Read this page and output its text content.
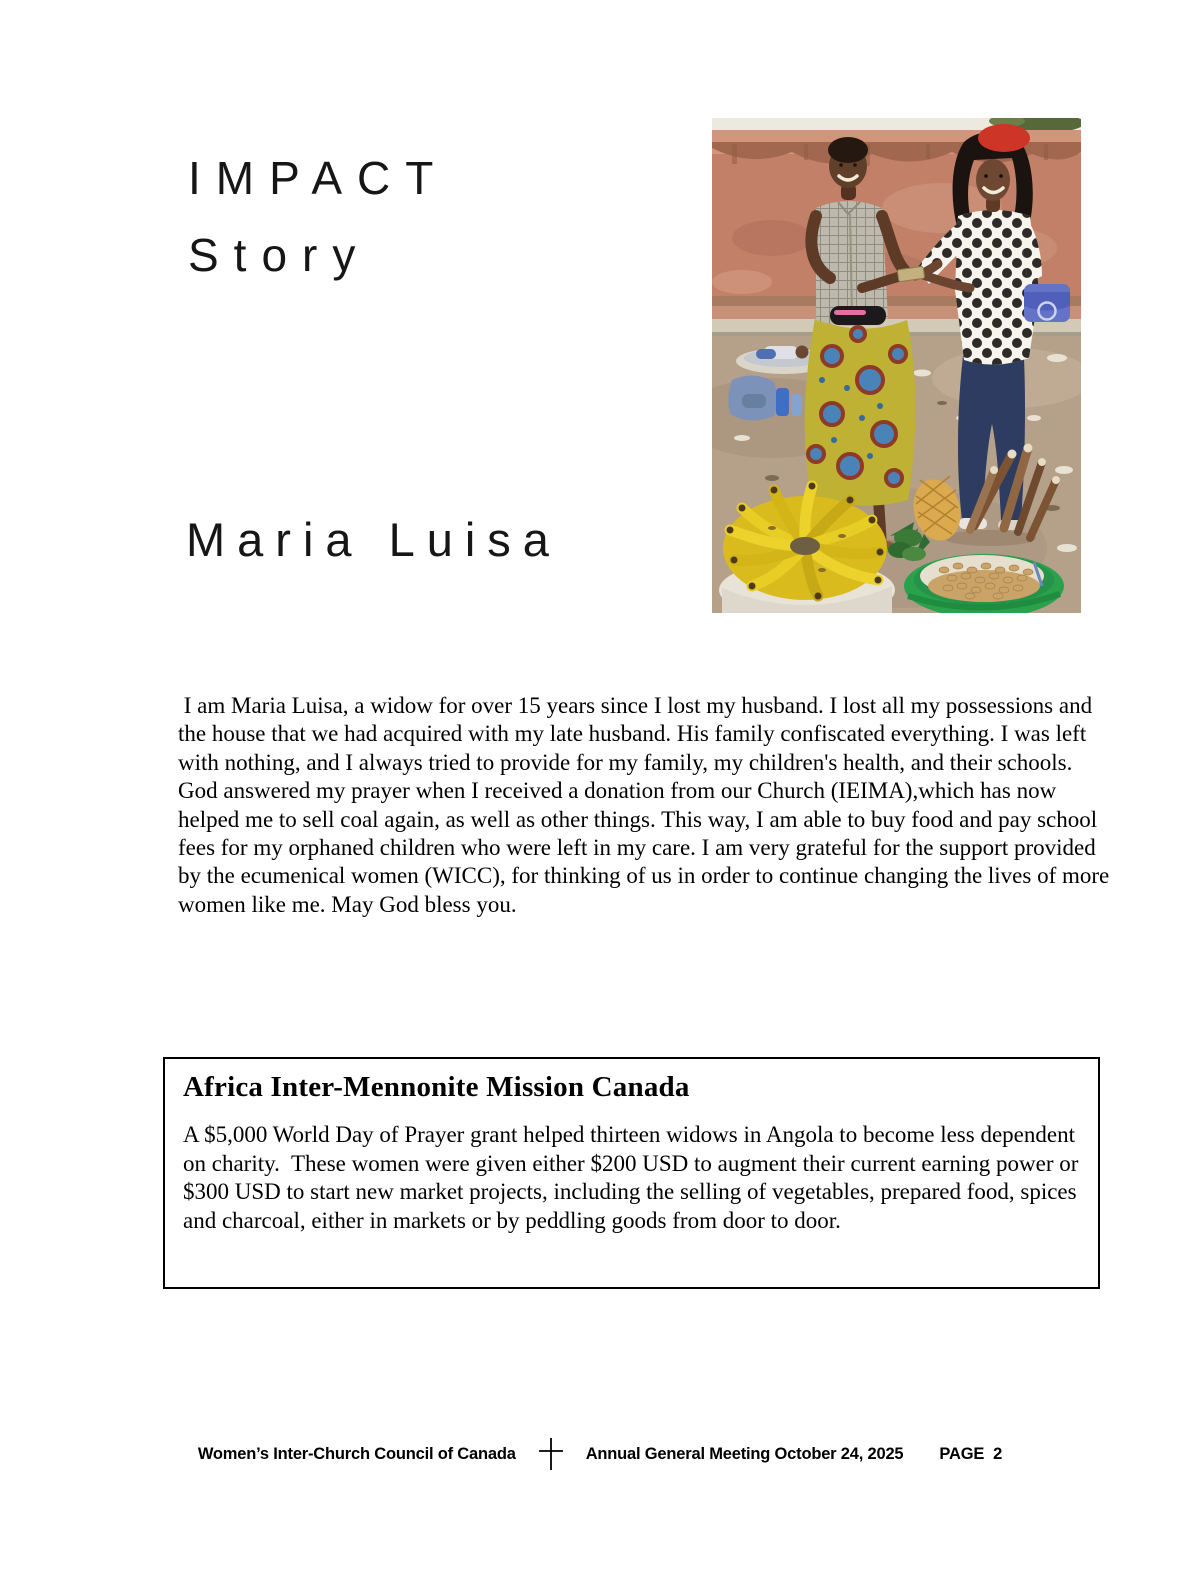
IMPACT
Story
Maria Luisa
I am Maria Luisa, a widow for over 15 years since I lost my husband. I lost all my possessions and the house that we had acquired with my late husband. His family confiscated everything. I was left with nothing, and I always tried to provide for my family, my children's health, and their schools. God answered my prayer when I received a donation from our Church (IEIMA),which has now helped me to sell coal again, as well as other things. This way, I am able to buy food and pay school fees for my orphaned children who were left in my care. I am very grateful for the support provided by the ecumenical women (WICC), for thinking of us in order to continue changing the lives of more women like me. May God bless you.
Africa Inter-Mennonite Mission Canada

A $5,000 World Day of Prayer grant helped thirteen widows in Angola to become less dependent on charity.  These women were given either $200 USD to augment their current earning power or $300 USD to start new market projects, including the selling of vegetables, prepared food, spices and charcoal, either in markets or by peddling goods from door to door.

Women’s Inter-Church Council of Canada	Annual General Meeting October 24, 2025 PAGE 2
